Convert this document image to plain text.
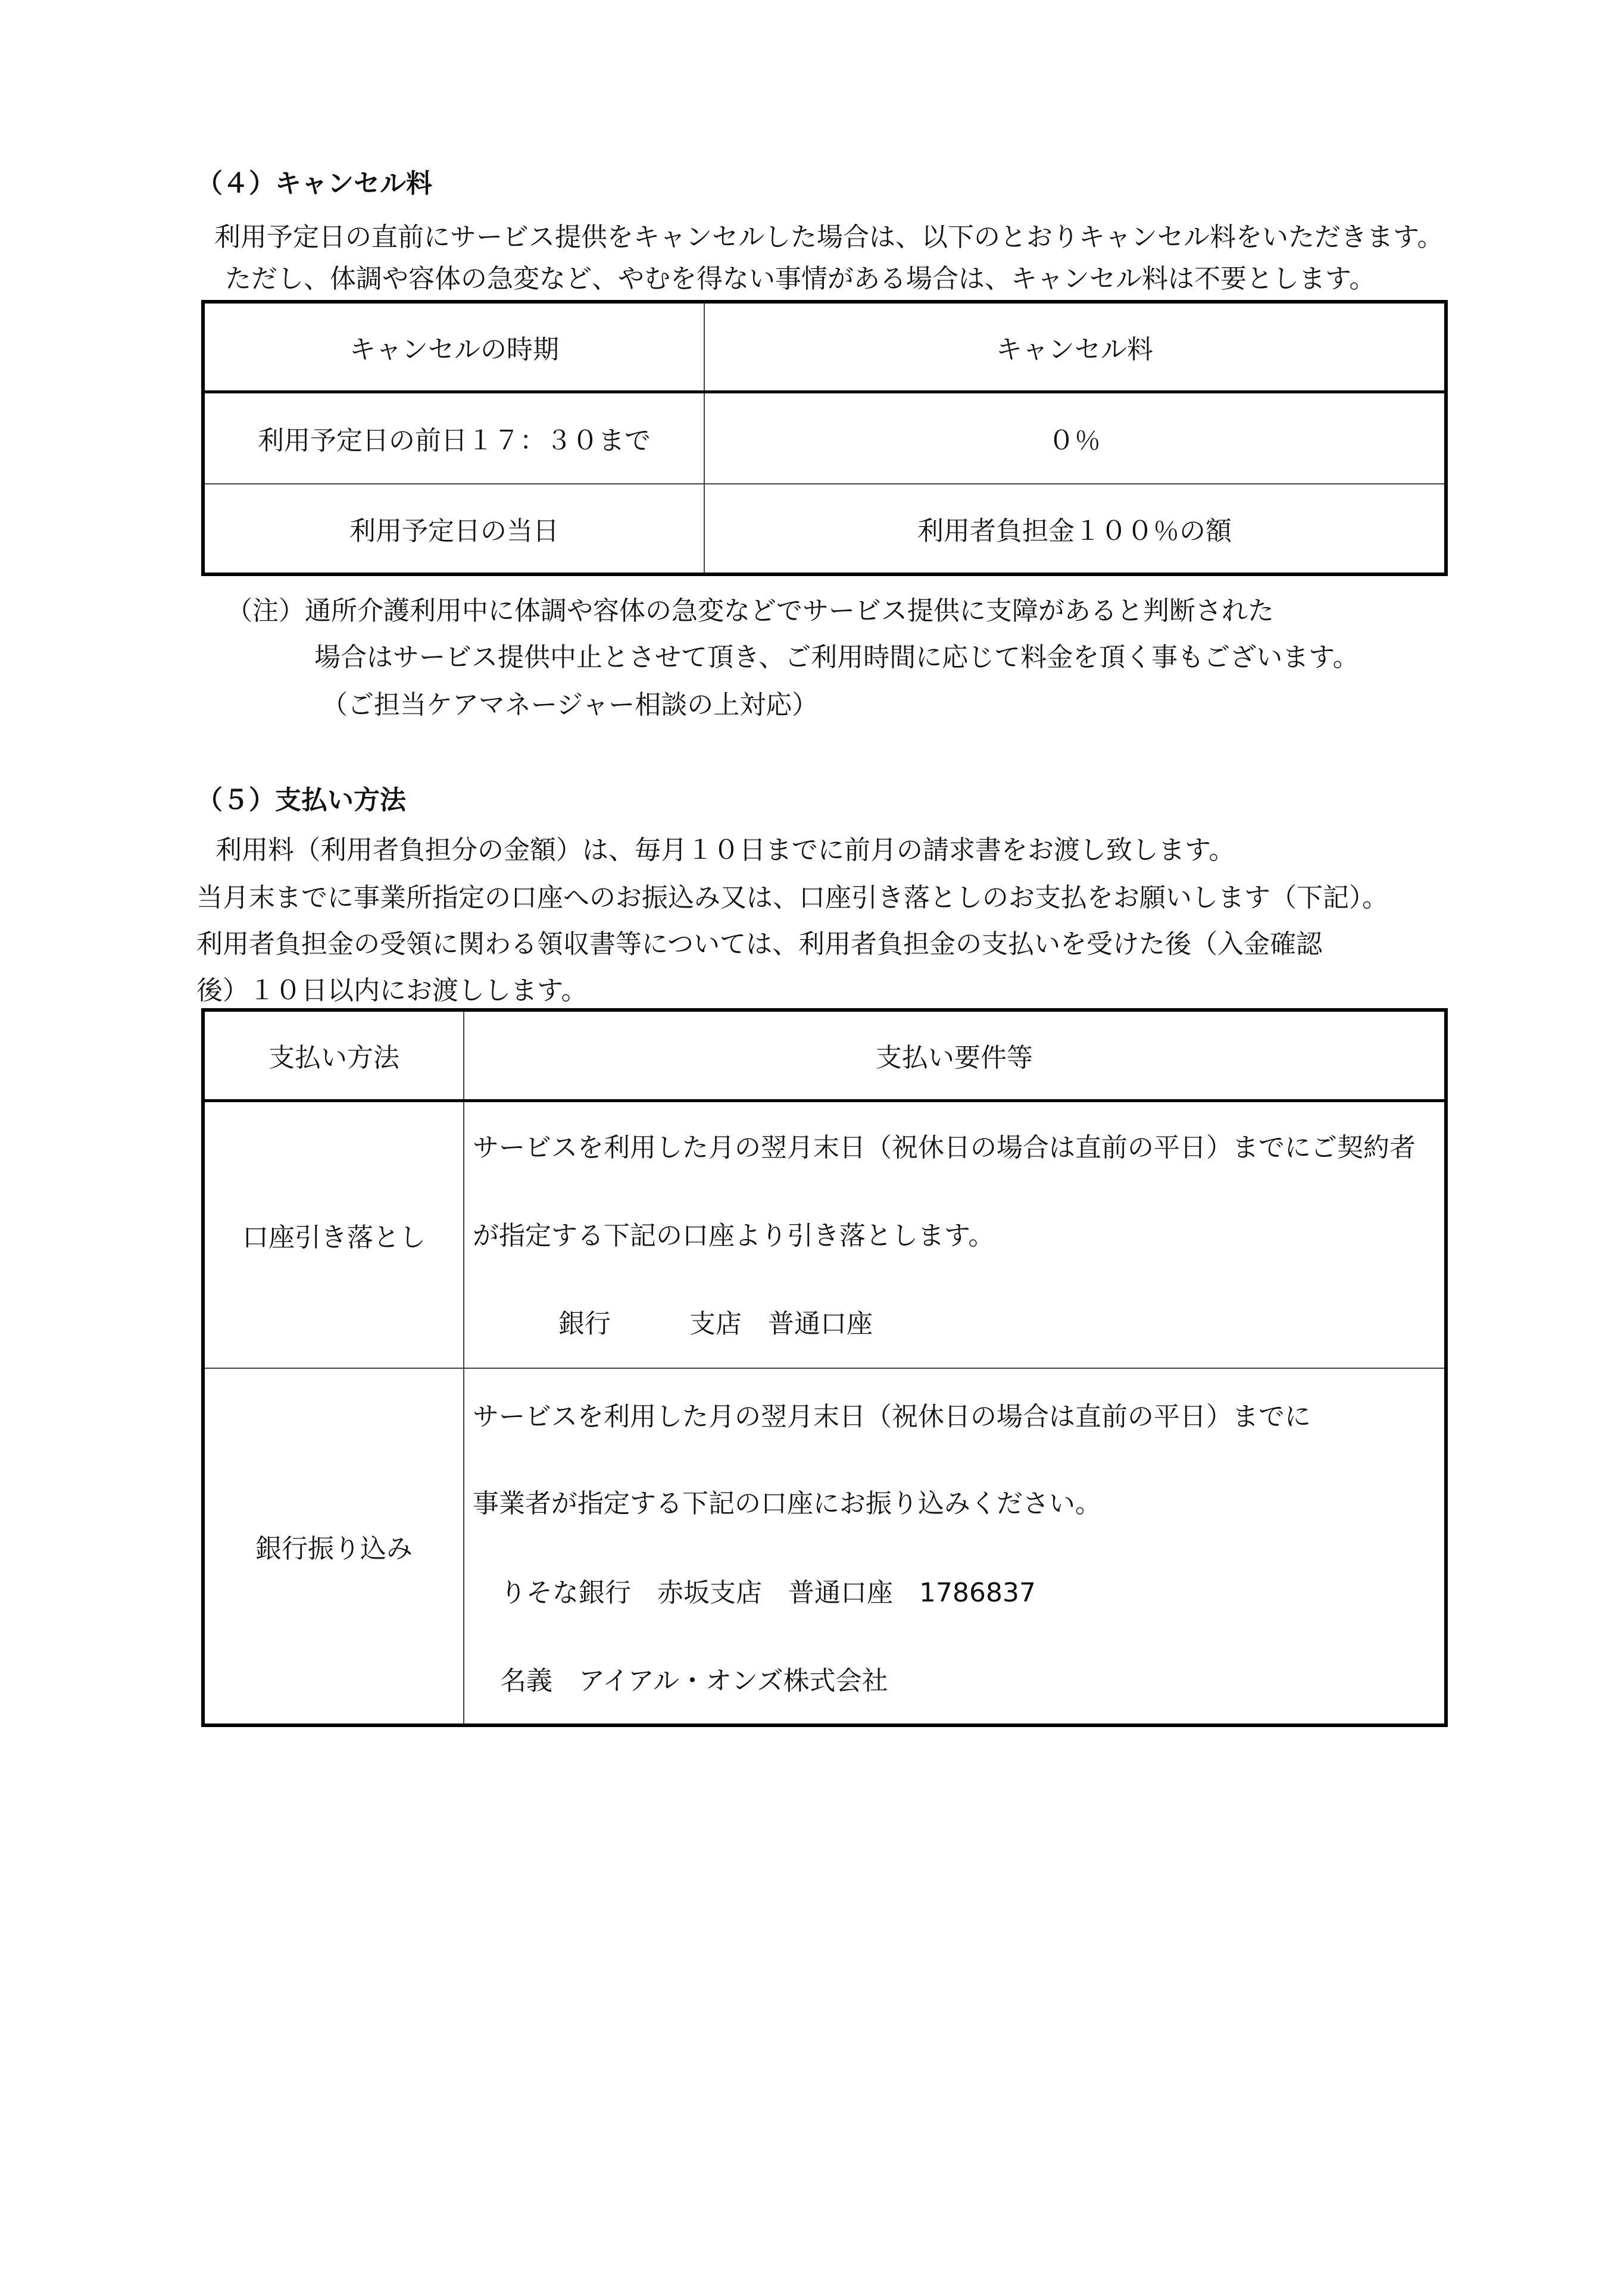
（４）キャンセル料
利用予定日の直前にサービス提供をキャンセルした場合は、以下のとおりキャンセル料をいただきます。
ただし、体調や容体の急変など、やむを得ない事情がある場合は、キャンセル料は不要とします。
キャンセルの時期	キャンセル料
利用予定日の前日１７：３０まで	０％
利用予定日の当日	利用者負担金１００％の額
（注）通所介護利用中に体調や容体の急変などでサービス提供に支障があると判断された
場合はサービス提供中止とさせて頂き、ご利用時間に応じて料金を頂く事もございます。
（ご担当ケアマネージャー相談の上対応）
（５）支払い方法
利用料（利用者負担分の金額）は、毎月１０日までに前月の請求書をお渡し致します。
当月末までに事業所指定の口座へのお振込み又は、口座引き落としのお支払をお願いします（下記）。
利用者負担金の受領に関わる領収書等については、利用者負担金の支払いを受けた後（入金確認
後）１０日以内にお渡しします。
支払い方法	支払い要件等
口座引き落とし	サービスを利用した月の翌月末日（祝休日の場合は直前の平日）までにご契約者
が指定する下記の口座より引き落とします。
銀行　　　支店　普通口座

銀行振り込み	サービスを利用した月の翌月末日（祝休日の場合は直前の平日）までに
事業者が指定する下記の口座にお振り込みください。
りそな銀行　赤坂支店　普通口座　1786837
名義　アイアル・オンズ株式会社
